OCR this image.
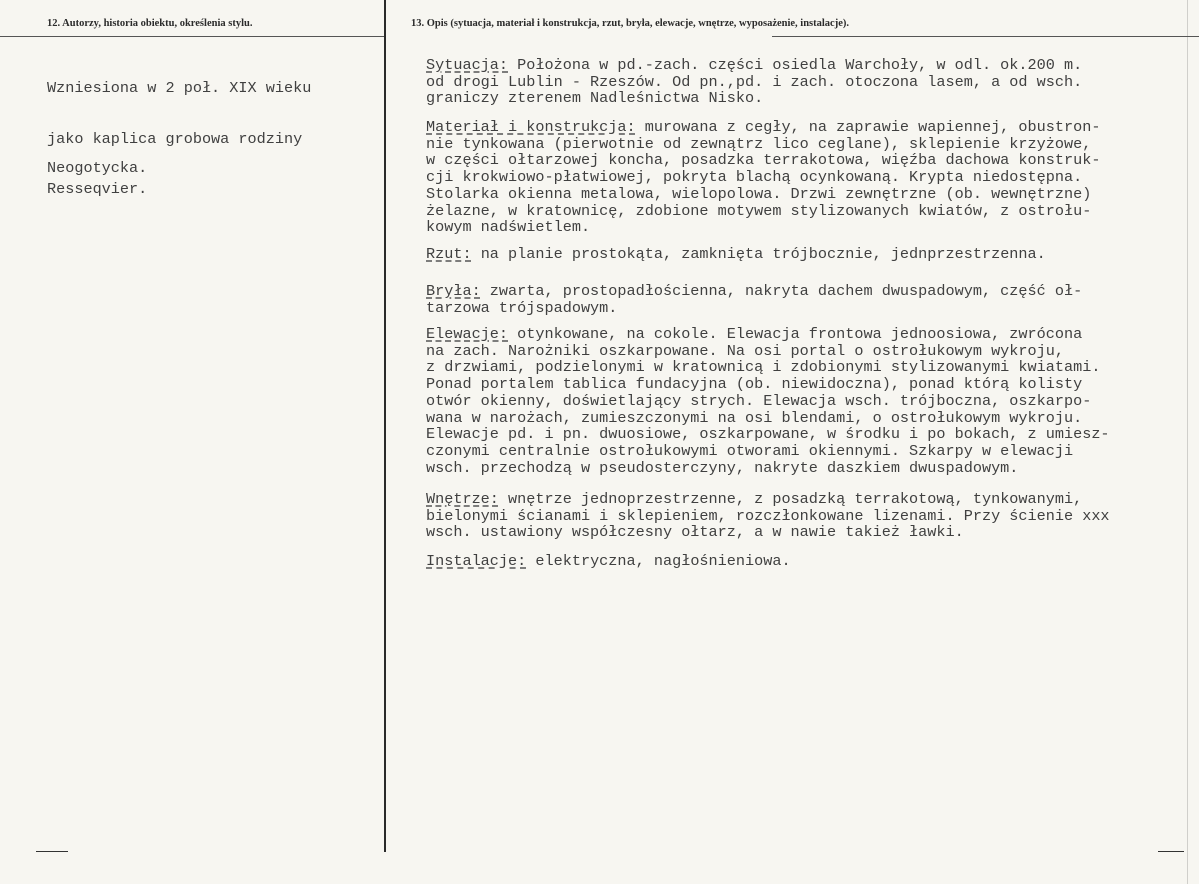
12. Autorzy, historia obiektu, określenia stylu.

Wzniesiona w 2 poł. XIX wieku

jako kaplica grobowa rodziny

Resseqvier.

Neogotycka.
13. Opis (sytuacja, materiał i konstrukcja, rzut, bryła, elewacje, wnętrze, wyposażenie, instalacje).
Sytuacja: Położona w pd.-zach. części osiedla Warchoły, w odl. ok.200 m.
od drogi Lublin - Rzeszów. Od pn.,pd. i zach. otoczona lasem, a od wsch.
graniczy zterenem Nadleśnictwa Nisko.
Materiał i konstrukcja: murowana z cegły, na zaprawie wapiennej, obustron-
nie tynkowana (pierwotnie od zewnątrz lico ceglane), sklepienie krzyżowe,
w części ołtarzowej koncha, posadzka terrakotowa, więźba dachowa konstruk-
cji krokwiowo-płatwiowej, pokryta blachą ocynkowaną. Krypta niedostępna.
Stolarka okienna metalowa, wielopolowa. Drzwi zewnętrzne (ob. wewnętrzne)
żelazne, w kratownicę, zdobione motywem stylizowanych kwiatów, z ostrołu-
kowym nadświetlem.
Rzut: na planie prostokąta, zamknięta trójbocznie, jednprzestrzenna.
Bryła: zwarta, prostopadłościenna, nakryta dachem dwuspadowym, część oł-
tarzowa trójspadowym.
Elewacje: otynkowane, na cokole. Elewacja frontowa jednoosiowa, zwrócona
na zach. Narożniki oszkarpowane. Na osi portal o ostrołukowym wykroju,
z drzwiami, podzielonymi w kratownicą i zdobionymi stylizowanymi kwiatami.
Ponad portalem tablica fundacyjna (ob. niewidoczna), ponad którą kolisty
otwór okienny, doświetlający strych. Elewacja wsch. trójboczna, oszkarpo-
wana w narożach, zumieszczonymi na osi blendami, o ostrołukowym wykroju.
Elewacje pd. i pn. dwuosiowe, oszkarpowane, w środku i po bokach, z umiesz-
czonymi centralnie ostrołukowymi otworami okiennymi. Szkarpy w elewacji
wsch. przechodzą w pseudosterczyny, nakryte daszkiem dwuspadowym.
Wnętrze: wnętrze jednoprzestrzenne, z posadzką terrakotową, tynkowanymi,
bielonymi ścianami i sklepieniem, rozczłonkowane lizenami. Przy ścienie xxx
wsch. ustawiony współczesny ołtarz, a w nawie takież ławki.
Instalacje: elektryczna, nagłośnieniowa.
